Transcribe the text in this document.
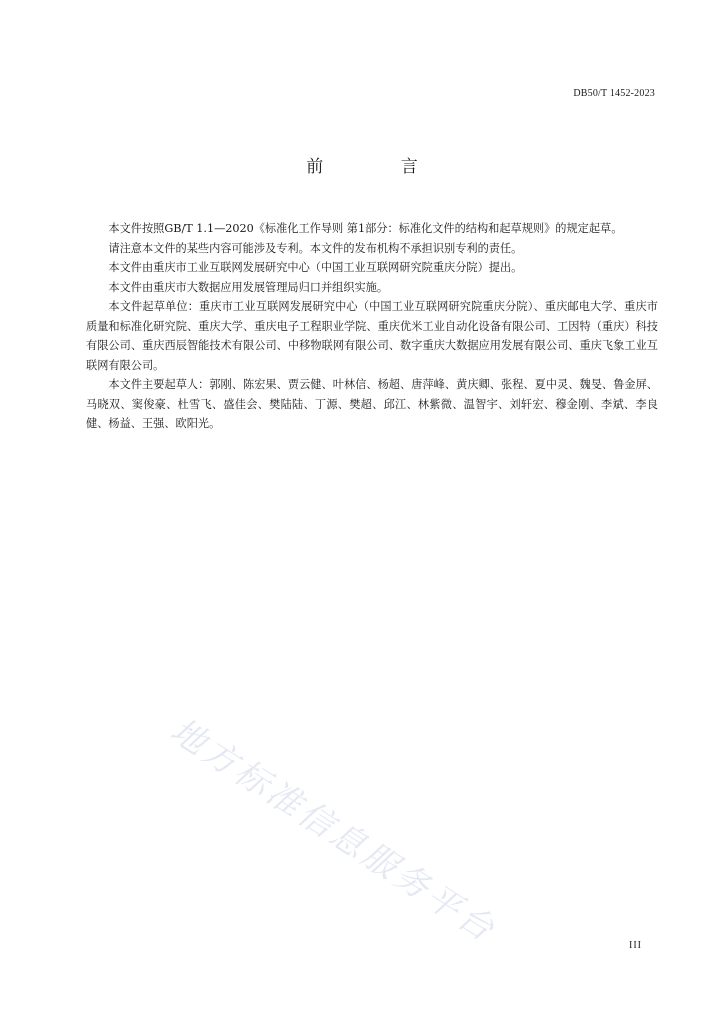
DB50/T 1452-2023
前 言

本文件按照GB/T 1.1—2020《标准化工作导则 第1部分：标准化文件的结构和起草规则》的规定起草。

请注意本文件的某些内容可能涉及专利。本文件的发布机构不承担识别专利的责任。

本文件由重庆市工业互联网发展研究中心（中国工业互联网研究院重庆分院）提出。

本文件由重庆市大数据应用发展管理局归口并组织实施。

本文件起草单位：重庆市工业互联网发展研究中心（中国工业互联网研究院重庆分院）、重庆邮电大学、重庆市质量和标准化研究院、重庆大学、重庆电子工程职业学院、重庆优米工业自动化设备有限公司、工因特（重庆）科技有限公司、重庆西辰智能技术有限公司、中移物联网有限公司、数字重庆大数据应用发展有限公司、重庆飞象工业互联网有限公司。

本文件主要起草人：郭刚、陈宏果、贾云健、叶林信、杨超、唐萍峰、黄庆卿、张程、夏中灵、魏旻、鲁金屏、马晓双、窦俊豪、杜雪飞、盛佳会、樊陆陆、丁源、樊超、邱江、林紫微、温智宇、刘轩宏、穆金刚、李斌、李良健、杨益、王强、欧阳光。

地方标准信息服务平台	III
